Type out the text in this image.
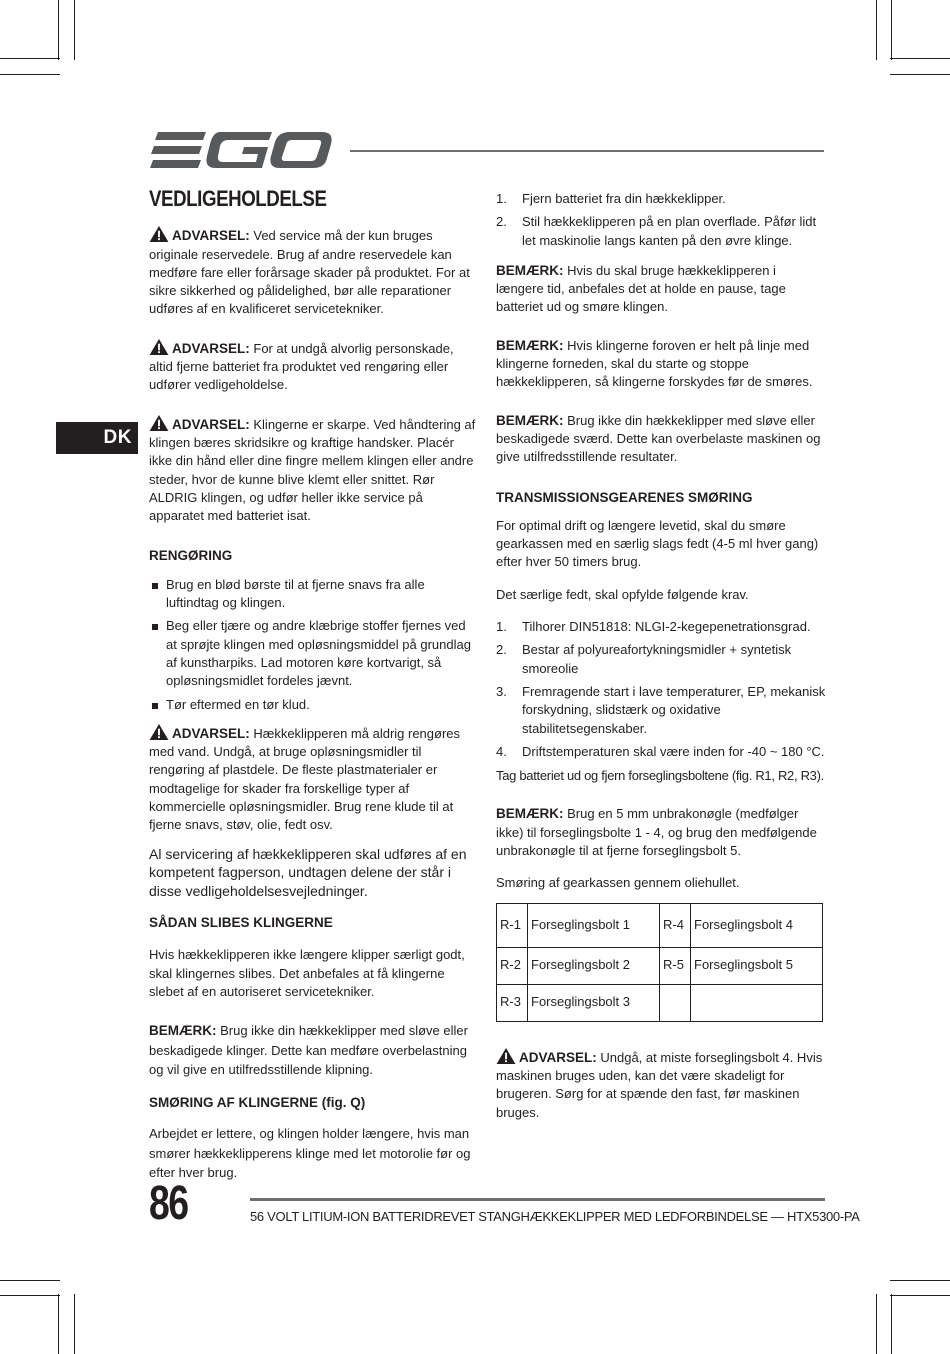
DK
VEDLIGEHOLDELSE

ADVARSEL: Ved service må der kun bruges originale reservedele. Brug af andre reservedele kan medføre fare eller forårsage skader på produktet. For at sikre sikkerhed og pålidelighed, bør alle reparationer udføres af en kvalificeret servicetekniker.

ADVARSEL: For at undgå alvorlig personskade, altid fjerne batteriet fra produktet ved rengøring eller udfører vedligeholdelse.

ADVARSEL: Klingerne er skarpe. Ved håndtering af klingen bæres skridsikre og kraftige handsker. Placér ikke din hånd eller dine fingre mellem klingen eller andre steder, hvor de kunne blive klemt eller snittet. Rør ALDRIG klingen, og udfør heller ikke service på apparatet med batteriet isat.

RENGØRING
Brug en blød børste til at fjerne snavs fra alle luftindtag og klingen.
Beg eller tjære og andre klæbrige stoffer fjernes ved at sprøjte klingen med opløsningsmiddel på grundlag af kunstharpiks. Lad motoren køre kortvarigt, så opløsningsmidlet fordeles jævnt.
Tør eftermed en tør klud.

ADVARSEL: Hækkeklipperen må aldrig rengøres med vand. Undgå, at bruge opløsningsmidler til rengøring af plastdele. De fleste plastmaterialer er modtagelige for skader fra forskellige typer af kommercielle opløsningsmidler. Brug rene klude til at fjerne snavs, støv, olie, fedt osv.

Al servicering af hækkeklipperen skal udføres af en kompetent fagperson, undtagen delene der står i disse vedligeholdelsesvejledninger.

SÅDAN SLIBES KLINGERNE

Hvis hækkeklipperen ikke længere klipper særligt godt, skal klingernes slibes. Det anbefales at få klingerne slebet af en autoriseret servicetekniker.

BEMÆRK: Brug ikke din hækkeklipper med sløve eller beskadigede klinger. Dette kan medføre overbelastning og vil give en utilfredsstillende klipning.

SMØRING AF KLINGERNE (fig. Q)

Arbejdet er lettere, og klingen holder længere, hvis man smører hækkeklipperens klinge med let motorolie før og efter hver brug.

1. Fjern batteriet fra din hækkeklipper.
2. Stil hækkeklipperen på en plan overflade. Påfør lidt let maskinolie langs kanten på den øvre klinge.

BEMÆRK: Hvis du skal bruge hækkeklipperen i længere tid, anbefales det at holde en pause, tage batteriet ud og smøre klingen.

BEMÆRK: Hvis klingerne foroven er helt på linje med klingerne forneden, skal du starte og stoppe hækkeklipperen, så klingerne forskydes før de smøres.

BEMÆRK: Brug ikke din hækkeklipper med sløve eller beskadigede sværd. Dette kan overbelaste maskinen og give utilfredsstillende resultater.

TRANSMISSIONSGEARENES SMØRING

For optimal drift og længere levetid, skal du smøre gearkassen med en særlig slags fedt (4-5 ml hver gang) efter hver 50 timers brug.

Det særlige fedt, skal opfylde følgende krav.

1. Tilhorer DIN51818: NLGI-2-kegepenetrationsgrad.
2. Bestar af polyureafortykningsmidler + syntetisk smoreolie
3. Fremragende start i lave temperaturer, EP, mekanisk forskydning, slidstærk og oxidative stabilitetsegenskaber.
4. Driftstemperaturen skal være inden for -40 ~ 180 °C.

Tag batteriet ud og fjern forseglingsboltene (fig. R1, R2, R3).

BEMÆRK: Brug en 5 mm unbrakonøgle (medfølger ikke) til forseglingsbolte 1 - 4, og brug den medfølgende unbrakonøgle til at fjerne forseglingsbolt 5.

Smøring af gearkassen gennem oliehullet.

R-1	Forseglingsbolt 1	R-4	Forseglingsbolt 4
R-2	Forseglingsbolt 2	R-5	Forseglingsbolt 5
R-3	Forseglingsbolt 3		

ADVARSEL: Undgå, at miste forseglingsbolt 4. Hvis maskinen bruges uden, kan det være skadeligt for brugeren. Sørg for at spænde den fast, før maskinen bruges.

86	56 VOLT LITIUM-ION BATTERIDREVET STANGHÆKKEKLIPPER MED LEDFORBINDELSE — HTX5300-PA
